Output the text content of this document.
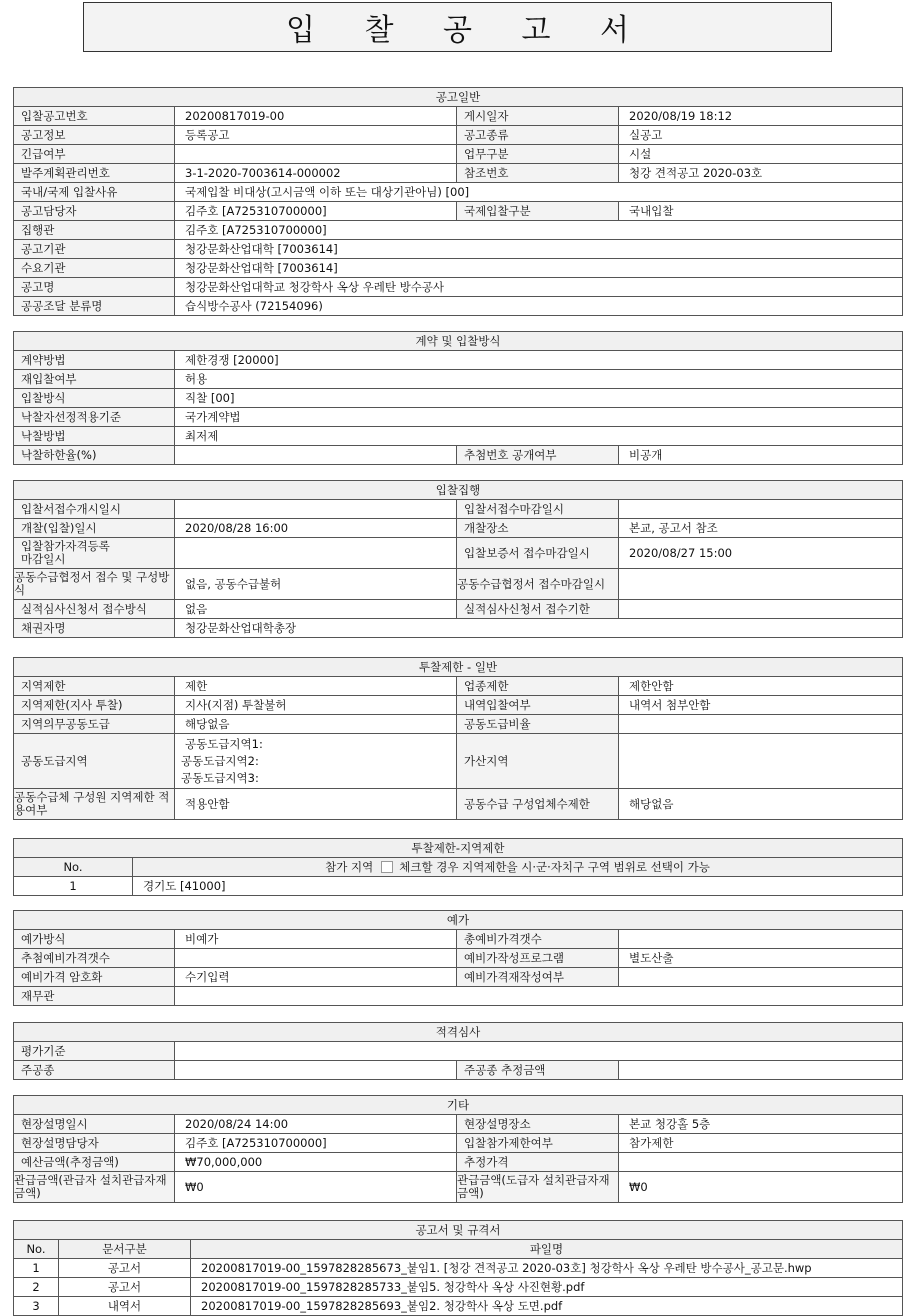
입 찰 공 고 서
공고일반			
입찰공고번호	20200817019-00	게시일자	2020/08/19 18:12
공고정보	등록공고	공고종류	실공고
긴급여부		업무구분	시설
발주계획관리번호	3-1-2020-7003614-000002	참조번호	청강 견적공고 2020-03호
국내/국제 입찰사유	국제입찰 비대상(고시금액 이하 또는 대상기관아님) [00]		
공고담당자	김주호 [A725310700000]	국제입찰구분	국내입찰
집행관	김주호 [A725310700000]		
공고기관	청강문화산업대학 [7003614]		
수요기관	청강문화산업대학 [7003614]		
공고명	청강문화산업대학교 청강학사 옥상 우레탄 방수공사		
공공조달 분류명	습식방수공사 (72154096)		
계약 및 입찰방식			
계약방법	제한경쟁 [20000]		
재입찰여부	허용		
입찰방식	직찰 [00]		
낙찰자선정적용기준	국가계약법		
낙찰방법	최저제		
낙찰하한율(%)		추첨번호 공개여부	비공개
입찰집행			
입찰서접수개시일시		입찰서접수마감일시	
개찰(입찰)일시	2020/08/28 16:00	개찰장소	본교, 공고서 참조
입찰참가자격등록
마감일시		입찰보증서 접수마감일시	2020/08/27 15:00
공동수급협정서 접수 및 구성방식	없음, 공동수급불허	공동수급협정서 접수마감일시	
실적심사신청서 접수방식	없음	실적심사신청서 접수기한	
채권자명	청강문화산업대학총장		
투찰제한 - 일반			
지역제한	제한	업종제한	제한안함
지역제한(지사 투찰)	지사(지점) 투찰불허	내역입찰여부	내역서 첨부안함
지역의무공동도급	해당없음	공동도급비율	
공동도급지역	공동도급지역1:
공동도급지역2:
공동도급지역3:	가산지역	
공동수급체 구성원 지역제한 적용여부	적용안함	공동수급 구성업체수제한	해당없음
투찰제한-지역제한	
No.	참가 지역 체크할 경우 지역제한을 시·군·자치구 구역 범위로 선택이 가능
1	경기도 [41000]
예가			
예가방식	비예가	총예비가격갯수	
추첨예비가격갯수		예비가작성프로그램	별도산출
예비가격 암호화	수기입력	예비가격재작성여부	
재무관			
적격심사			
평가기준			
주공종		주공종 추정금액	
기타			
현장설명일시	2020/08/24 14:00	현장설명장소	본교 청강홀 5층
현장설명담당자	김주호 [A725310700000]	입찰참가제한여부	참가제한
예산금액(추정금액)	₩70,000,000	추정가격	
관급금액(관급자 설치관급자재금액)	₩0	관급금액(도급자 설치관급자재금액)	₩0
공고서 및 규격서		
No.	문서구분	파일명
1	공고서	20200817019-00_1597828285673_붙임1. [청강 견적공고 2020-03호] 청강학사 옥상 우레탄 방수공사_공고문.hwp
2	공고서	20200817019-00_1597828285733_붙임5. 청강학사 옥상 사진현황.pdf
3	내역서	20200817019-00_1597828285693_붙임2. 청강학사 옥상 도면.pdf
